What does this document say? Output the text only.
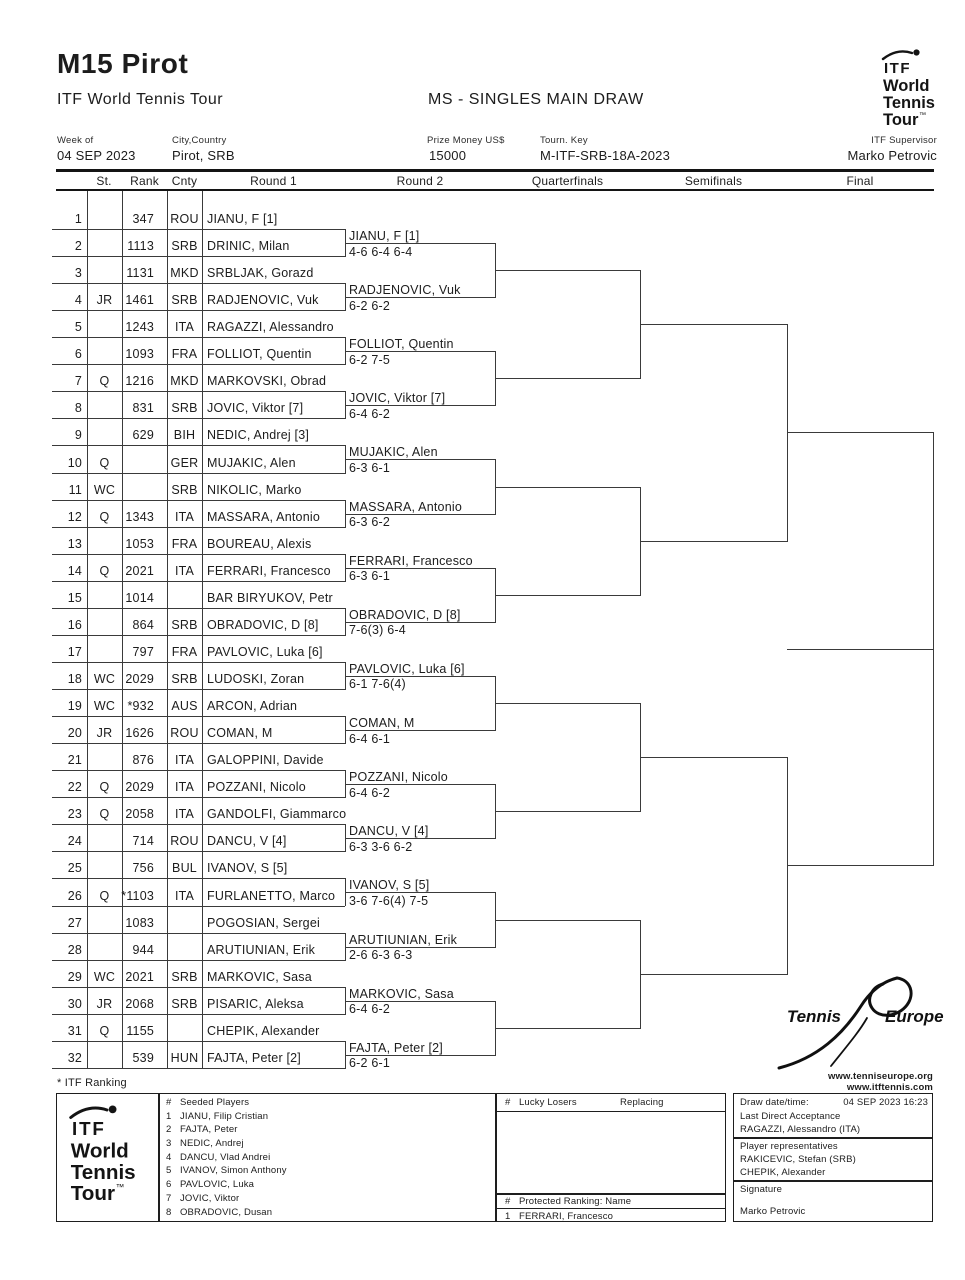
M15 Pirot
ITF World Tennis Tour	MS - SINGLES MAIN DRAW
ITF
World
Tennis
Tour ™
Week of
04 SEP 2023
City,Country
Pirot, SRB
Prize Money US$
15000
Tourn. Key
M-ITF-SRB-18A-2023
ITF Supervisor
Marko Petrovic
St.	Rank	Cnty	Round 1	Round 2	Quarterfinals	Semifinals	Final
1	347 ROU JIANU, F [1]
2	1113	SRB DRINIC, Milan
3	1131 MKD SRBLJAK, Gorazd
4	JR	1461	SRB RADJENOVIC, Vuk
5	1243	ITA	RAGAZZI, Alessandro
6	1093	FRA FOLLIOT, Quentin
7	Q	1216 MKD MARKOVSKI, Obrad
8	831	SRB JOVIC, Viktor [7]
9	629	BIH NEDIC, Andrej [3]
10	Q	GER MUJAKIC, Alen
11 WC	SRB NIKOLIC, Marko
12	Q	1343	ITA	MASSARA, Antonio
13	1053	FRA BOUREAU, Alexis
14	Q	2021	ITA	FERRARI, Francesco
15	1014	BAR BIRYUKOV, Petr
16	864	SRB OBRADOVIC, D [8]
17	797	FRA PAVLOVIC, Luka [6]
18 WC 2029	SRB LUDOSKI, Zoran
19 WC *932	AUS ARCON, Adrian
20	JR	1626 ROU COMAN, M
21	876	ITA	GALOPPINI, Davide
22	Q	2029	ITA	POZZANI, Nicolo
23	Q	2058	ITA	GANDOLFI, Giammarco
24	714 ROU DANCU, V [4]
25	756	BUL IVANOV, S [5]
26	Q *1103	ITA	FURLANETTO, Marco
27	1083	POGOSIAN, Sergei
28	944	ARUTIUNIAN, Erik
29 WC 2021	SRB MARKOVIC, Sasa
30	JR	2068	SRB PISARIC, Aleksa
31	Q	1155	CHEPIK, Alexander
32	539 HUN FAJTA, Peter [2]
JIANU, F [1]
4-6 6-4 6-4
RADJENOVIC, Vuk
6-2 6-2
FOLLIOT, Quentin
6-2 7-5
JOVIC, Viktor [7]
6-4 6-2
MUJAKIC, Alen
6-3 6-1
MASSARA, Antonio
6-3 6-2
FERRARI, Francesco
6-3 6-1
OBRADOVIC, D [8]
7-6(3) 6-4
PAVLOVIC, Luka [6]
6-1 7-6(4)
COMAN, M
6-4 6-1
POZZANI, Nicolo
6-4 6-2
DANCU, V [4]
6-3 3-6 6-2
IVANOV, S [5]
3-6 7-6(4) 7-5
ARUTIUNIAN, Erik
2-6 6-3 6-3
MARKOVIC, Sasa
6-4 6-2
FAJTA, Peter [2]
6-2 6-1
* ITF Ranking
www.tenniseurope.org
www.itftennis.com
Tennis	Europe
ITF
World
Tennis
Tour ™
# Seeded Players
1 JIANU, Filip Cristian
2 FAJTA, Peter
3 NEDIC, Andrej
4 DANCU, Vlad Andrei
5 IVANOV, Simon Anthony
6 PAVLOVIC, Luka
7 JOVIC, Viktor
8 OBRADOVIC, Dusan
# Lucky Losers	Replacing
# Protected Ranking: Name
1 FERRARI, Francesco
Draw date/time:	04 SEP 2023 16:23
Last Direct Acceptance
RAGAZZI, Alessandro (ITA)
Player representatives
RAKICEVIC, Stefan (SRB)
CHEPIK, Alexander
Signature
Marko Petrovic
